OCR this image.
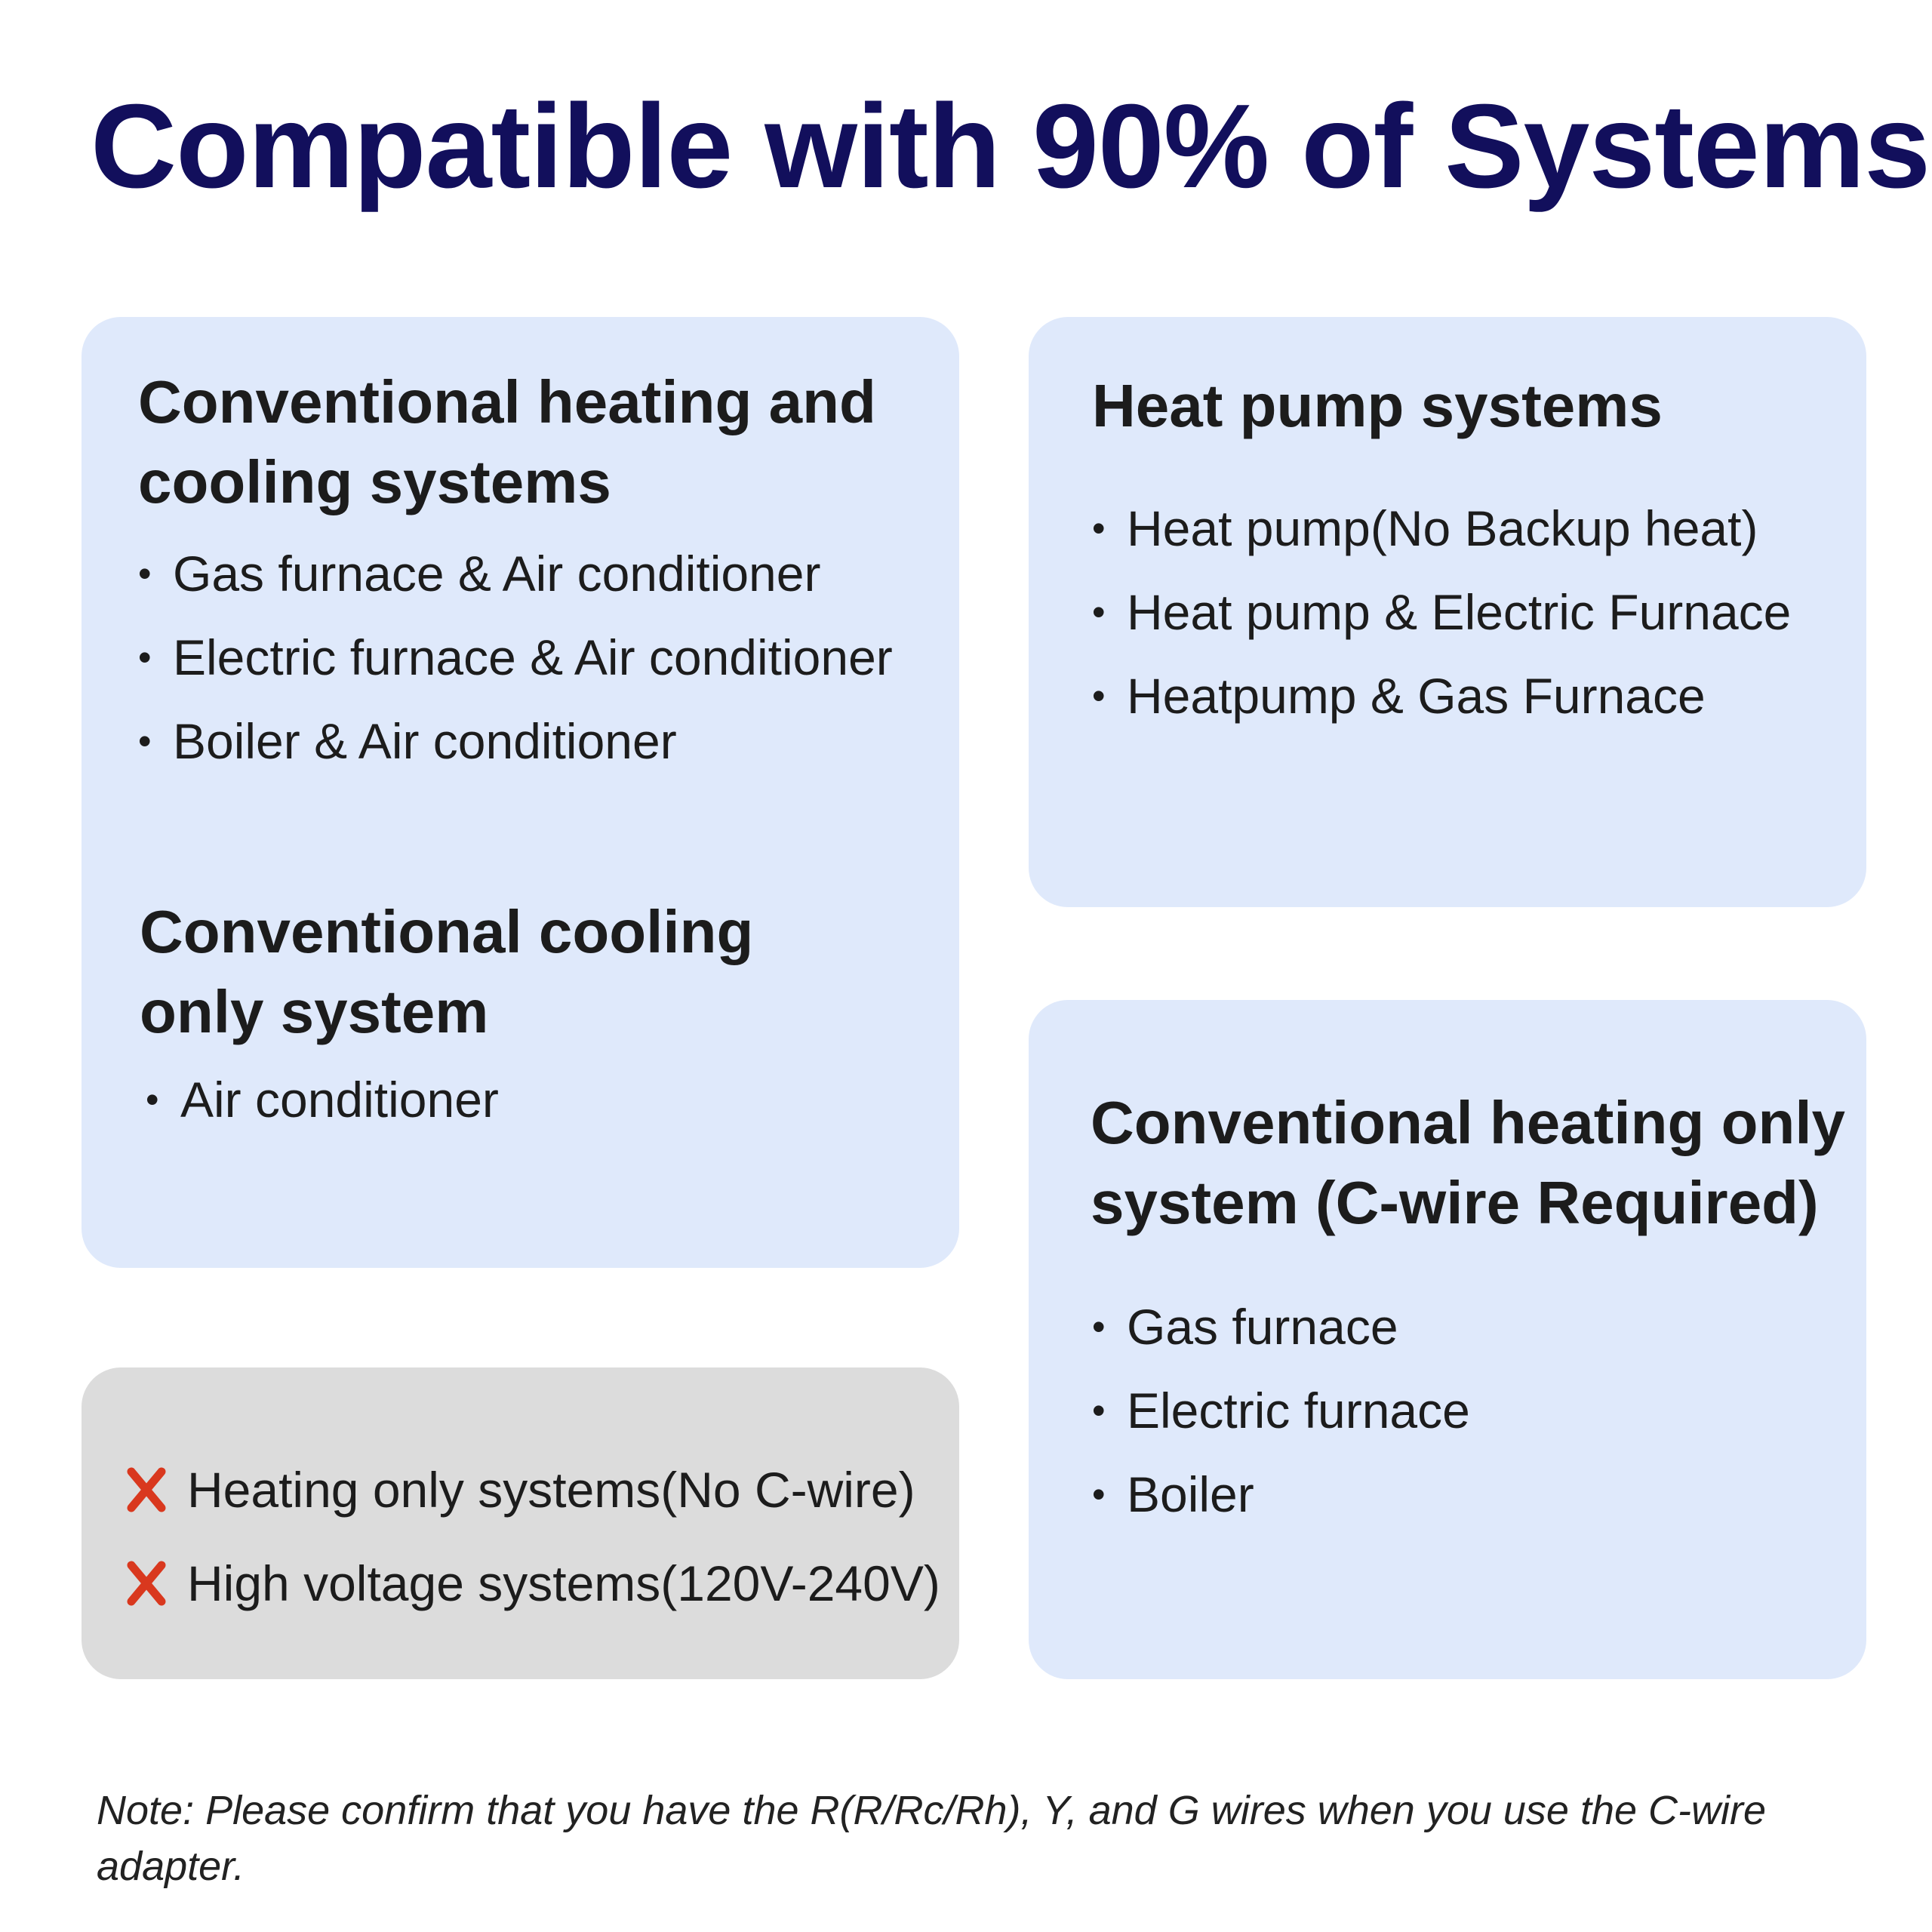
Compatible with 90% of Systems
Conventional heating and
cooling systems
• Gas furnace & Air conditioner
• Electric furnace & Air conditioner
• Boiler & Air conditioner
Conventional cooling
only system
• Air conditioner
Heat pump systems
• Heat pump(No Backup heat)
• Heat pump & Electric Furnace
• Heatpump & Gas Furnace
Conventional heating only
system (C-wire Required)
• Gas furnace
• Electric furnace
• Boiler
Heating only systems(No C-wire)
High voltage systems(120V-240V)

Note: Please confirm that you have the R(R/Rc/Rh), Y, and G wires when you use the C-wire adapter.
